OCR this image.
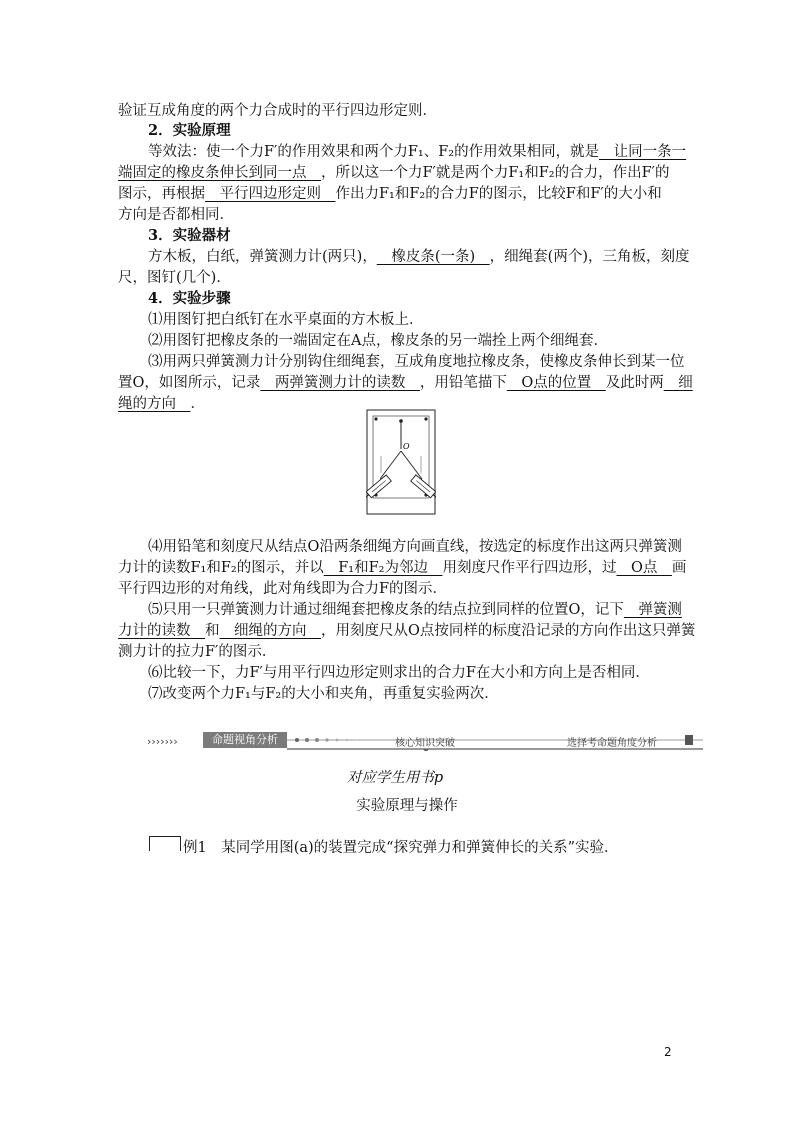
验证互成角度的两个力合成时的平行四边形定则．
2．实验原理
等效法：使一个力F′的作用效果和两个力F₁、F₂的作用效果相同，就是__让同一条一
端固定的橡皮条伸长到同一点__，所以这一个力F′就是两个力F₁和F₂的合力，作出F′的
图示，再根据__平行四边形定则__作出力F₁和F₂的合力F的图示，比较F和F′的大小和
方向是否都相同．
3．实验器材
方木板，白纸，弹簧测力计(两只)，__橡皮条(一条)__，细绳套(两个)，三角板，刻度
尺，图钉(几个)．
4．实验步骤
⑴用图钉把白纸钉在水平桌面的方木板上．
⑵用图钉把橡皮条的一端固定在A点，橡皮条的另一端拴上两个细绳套．
⑶用两只弹簧测力计分别钩住细绳套，互成角度地拉橡皮条，使橡皮条伸长到某一位
置O，如图所示，记录__两弹簧测力计的读数__，用铅笔描下__O点的位置__及此时两__细
绳的方向__．
O
⑷用铅笔和刻度尺从结点O沿两条细绳方向画直线，按选定的标度作出这两只弹簧测
力计的读数F₁和F₂的图示，并以__F₁和F₂为邻边__用刻度尺作平行四边形，过__O点__画
平行四边形的对角线，此对角线即为合力F的图示．
⑸只用一只弹簧测力计通过细绳套把橡皮条的结点拉到同样的位置O，记下__弹簧测
力计的读数__和__细绳的方向__，用刻度尺从O点按同样的标度沿记录的方向作出这只弹簧
测力计的拉力F′的图示．
⑹比较一下，力F′与用平行四边形定则求出的合力F在大小和方向上是否相同．
⑺改变两个力F₁与F₂的大小和夹角，再重复实验两次．
›››››››	命题视角分析	核心知识突破	选择考命题角度分析
对应学生用书p
实验原理与操作
例1　某同学用图(a)的装置完成“探究弹力和弹簧伸长的关系”实验．
2
